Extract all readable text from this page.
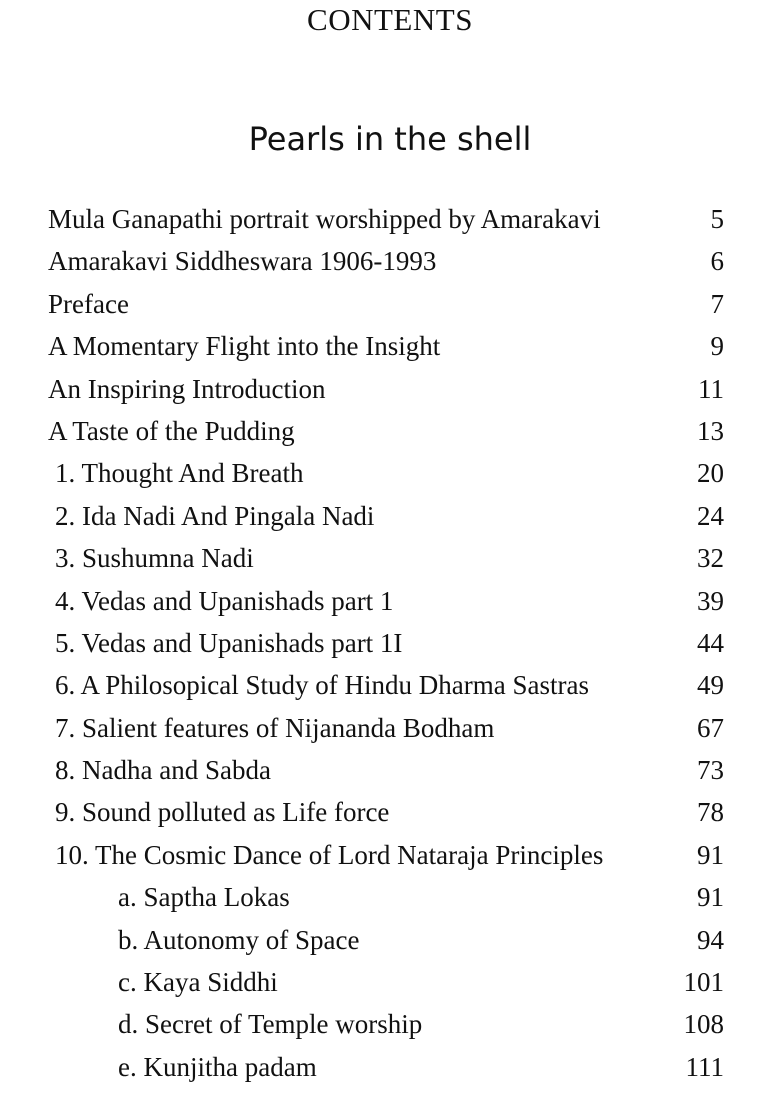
CONTENTS
Pearls in the shell
Mula Ganapathi portrait worshipped by Amarakavi	5
Amarakavi Siddheswara 1906-1993	6
Preface	7
A Momentary Flight into the Insight	9
An Inspiring Introduction	11
A Taste of the Pudding	13
1. Thought And Breath	20
2. Ida Nadi And Pingala Nadi	24
3. Sushumna Nadi	32
4. Vedas and Upanishads part 1	39
5. Vedas and Upanishads part 1I	44
6. A Philosopical Study of Hindu Dharma Sastras	49
7. Salient features of Nijananda Bodham	67
8. Nadha and Sabda	73
9. Sound polluted as Life force	78
10. The Cosmic Dance of Lord Nataraja Principles	91
a. Saptha Lokas	91
b. Autonomy of Space	94
c. Kaya Siddhi	101
d. Secret of Temple worship	108
e. Kunjitha padam	111
